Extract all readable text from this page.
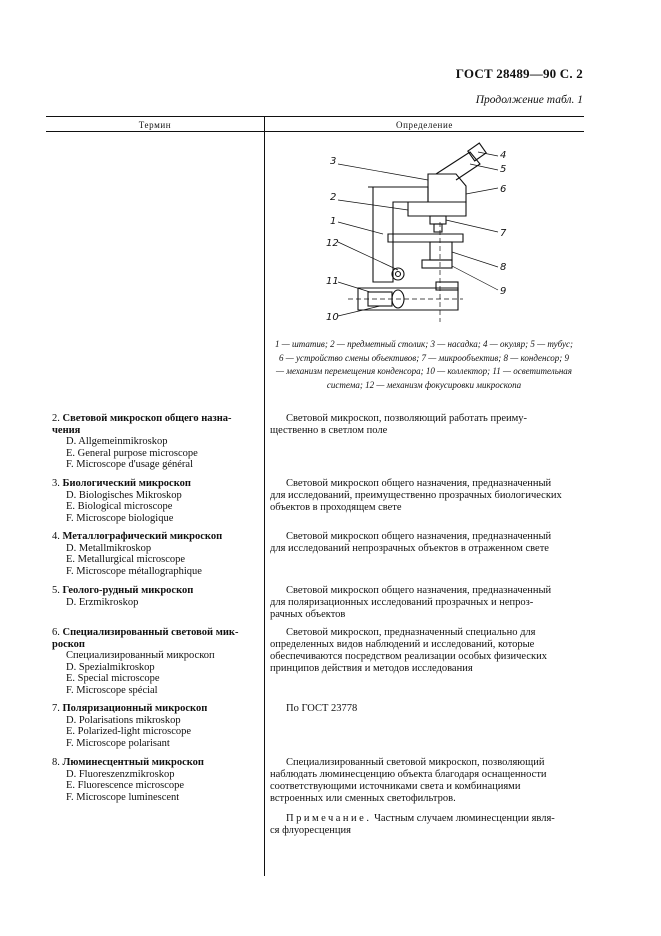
ГОСТ 28489—90 С. 2
Продолжение табл. 1
Термин	Определение
3
4
5
6
2
1
7
12
8
11
9
10
1 — штатив; 2 — предметный столик; 3 — насадка; 4 — окуляр; 5 — тубус; 6 — устройство смены объективов; 7 — микрообъектив; 8 — конденсор; 9 — механизм перемещения конденсора; 10 — коллектор; 11 — осветительная система; 12 — механизм фокусировки микроскопа
2. Световой микроскоп общего назна-
чения
D. Allgemeinmikroskop
E. General purpose microscope
F. Microscope d'usage général
Световой микроскоп, позволяющий работать преиму-
щественно в светлом поле
3. Биологический микроскоп
D. Biologisches Mikroskop
E. Biological microscope
F. Microscope biologique
Световой микроскоп общего назначения, предназначенный
для исследований, преимущественно прозрачных биологических
объектов в проходящем свете
4. Металлографический микроскоп
D. Metallmikroskop
E. Metallurgical microscope
F. Microscope métallographique
Световой микроскоп общего назначения, предназначенный
для исследований непрозрачных объектов в отраженном свете
5. Геолого-рудный микроскоп
D. Erzmikroskop
Световой микроскоп общего назначения, предназначенный
для поляризационных исследований прозрачных и непроз-
рачных объектов
6. Специализированный световой мик-
роскоп
Специализированный микроскоп
D. Spezialmikroskop
E. Special microscope
F. Microscope spécial
Световой микроскоп, предназначенный специально для
определенных видов наблюдений и исследований, которые
обеспечиваются посредством реализации особых физических
принципов действия и методов исследования
7. Поляризационный микроскоп
D. Polarisations mikroskop
E. Polarized-light microscope
F. Microscope polarisant
По ГОСТ 23778
8. Люминесцентный микроскоп
D. Fluoreszenzmikroskop
E. Fluorescence microscope
F. Microscope luminescent
Специализированный световой микроскоп, позволяющий
наблюдать люминесценцию объекта благодаря оснащенности
соответствующими источниками света и комбинациями
встроенных или сменных светофильтров.
Примечание. Частным случаем люминесценции явля-
ся флуоресценция
